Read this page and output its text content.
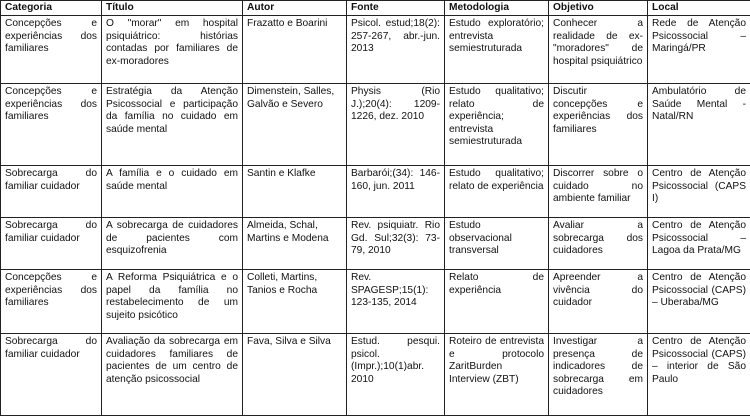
Categoria	Título	Autor	Fonte	Metodologia	Objetivo	Local
Concepções e experiências dos familiares	O "morar" em hospital psiquiátrico: histórias contadas por familiares de ex-moradores	Frazatto e Boarini	Psicol. estud;18(2): 257-267, abr.-jun. 2013	Estudo exploratório; entrevista semiestruturada	Conhecer a realidade de ex-"moradores" de hospital psiquiátrico	Rede de Atenção Psicossocial – Maringá/PR
Concepções e experiências dos familiares	Estratégia da Atenção Psicossocial e participação da família no cuidado em saúde mental	Dimenstein, Salles, Galvão e Severo	Physis (Rio J.);20(4): 1209-1226, dez. 2010	Estudo qualitativo; relato de experiência; entrevista semiestruturada	Discutir concepções e experiências dos familiares	Ambulatório de Saúde Mental - Natal/RN
Sobrecarga do familiar cuidador	A família e o cuidado em saúde mental	Santin e Klafke	Barbarói;(34): 146-160, jun. 2011	Estudo qualitativo; relato de experiência	Discorrer sobre o cuidado no ambiente familiar	Centro de Atenção Psicossocial (CAPS I)
Sobrecarga do familiar cuidador	A sobrecarga de cuidadores de pacientes com esquizofrenia	Almeida, Schal, Martins e Modena	Rev. psiquiatr. Rio Gd. Sul;32(3): 73-79, 2010	Estudo observacional transversal	Avaliar a sobrecarga dos cuidadores	Centro de Atenção Psicossocial – Lagoa da Prata/MG
Concepções e experiências dos familiares	A Reforma Psiquiátrica e o papel da família no restabelecimento de um sujeito psicótico	Colleti, Martins, Tanios e Rocha	Rev. SPAGESP;15(1): 123-135, 2014	Relato de experiência	Apreender a vivência do cuidador	Centro de Atenção Psicossocial (CAPS) – Uberaba/MG
Sobrecarga do familiar cuidador	Avaliação da sobrecarga em cuidadores familiares de pacientes de um centro de atenção psicossocial	Fava, Silva e Silva	Estud. pesqui. psicol. (Impr.);10(1)abr. 2010	Roteiro de entrevista e protocolo ZaritBurden Interview (ZBT)	Investigar a presença de indicadores de sobrecarga em cuidadores	Centro de Atenção Psicossocial (CAPS) – interior de São Paulo
